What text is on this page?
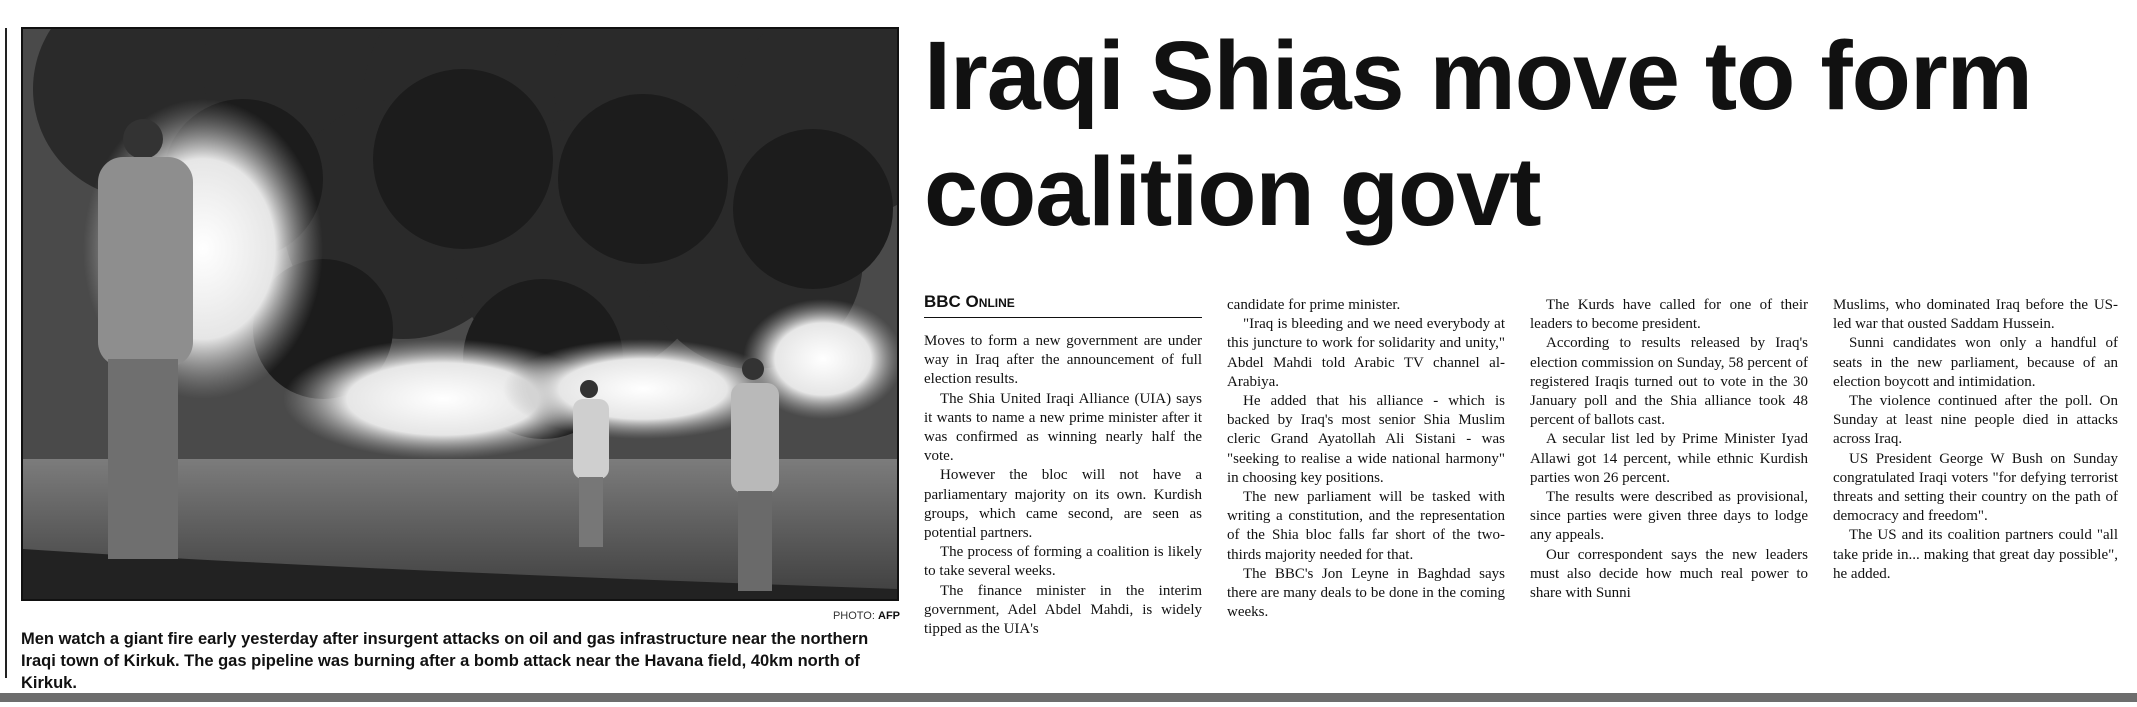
PHOTO: AFP
Men watch a giant fire early yesterday after insurgent attacks on oil and gas infrastructure near the northern Iraqi town of Kirkuk. The gas pipeline was burning after a bomb attack near the Havana field, 40km north of Kirkuk.
Iraqi Shias move to form
coalition govt
BBC Online

Moves to form a new government are under way in Iraq after the announcement of full election results.

The Shia United Iraqi Alliance (UIA) says it wants to name a new prime minister after it was confirmed as winning nearly half the vote.

However the bloc will not have a parliamentary majority on its own. Kurdish groups, which came second, are seen as potential partners.

The process of forming a coalition is likely to take several weeks.

The finance minister in the interim government, Adel Abdel Mahdi, is widely tipped as the UIA's

candidate for prime minister.

"Iraq is bleeding and we need everybody at this juncture to work for solidarity and unity," Abdel Mahdi told Arabic TV channel al-Arabiya.

He added that his alliance - which is backed by Iraq's most senior Shia Muslim cleric Grand Ayatollah Ali Sistani - was "seeking to realise a wide national harmony" in choosing key positions.

The new parliament will be tasked with writing a constitution, and the representation of the Shia bloc falls far short of the two-thirds majority needed for that.

The BBC's Jon Leyne in Baghdad says there are many deals to be done in the coming weeks.

The Kurds have called for one of their leaders to become president.

According to results released by Iraq's election commission on Sunday, 58 percent of registered Iraqis turned out to vote in the 30 January poll and the Shia alliance took 48 percent of ballots cast.

A secular list led by Prime Minister Iyad Allawi got 14 percent, while ethnic Kurdish parties won 26 percent.

The results were described as provisional, since parties were given three days to lodge any appeals.

Our correspondent says the new leaders must also decide how much real power to share with Sunni

Muslims, who dominated Iraq before the US-led war that ousted Saddam Hussein.

Sunni candidates won only a handful of seats in the new parliament, because of an election boycott and intimidation.

The violence continued after the poll. On Sunday at least nine people died in attacks across Iraq.

US President George W Bush on Sunday congratulated Iraqi voters "for defying terrorist threats and setting their country on the path of democracy and freedom".

The US and its coalition partners could "all take pride in... making that great day possible", he added.
